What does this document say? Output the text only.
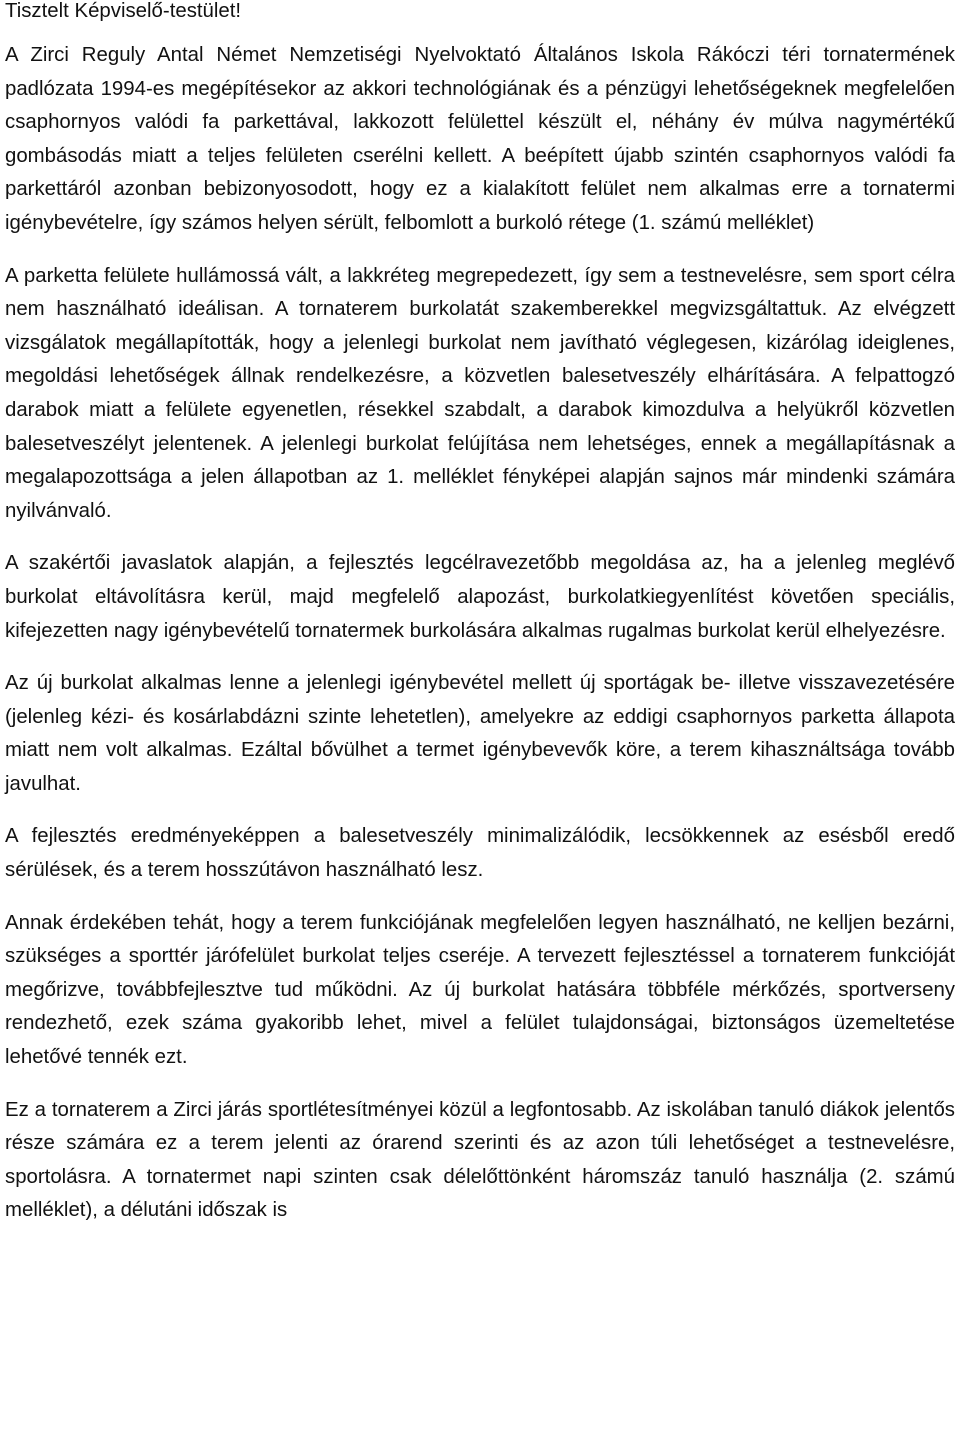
Tisztelt Képviselő-testület!

A Zirci Reguly Antal Német Nemzetiségi Nyelvoktató Általános Iskola Rákóczi téri tornatermének padlózata 1994-es megépítésekor az akkori technológiának és a pénzügyi lehetőségeknek megfelelően csaphornyos valódi fa parkettával, lakkozott felülettel készült el, néhány év múlva nagymértékű gombásodás miatt a teljes felületen cserélni kellett. A beépített újabb szintén csaphornyos valódi fa parkettáról azonban bebizonyosodott, hogy ez a kialakított felület nem alkalmas erre a tornatermi igénybevételre, így számos helyen sérült, felbomlott a burkoló rétege (1. számú melléklet)

A parketta felülete hullámossá vált, a lakkréteg megrepedezett, így sem a testnevelésre, sem sport célra nem használható ideálisan. A tornaterem burkolatát szakemberekkel megvizsgáltattuk. Az elvégzett vizsgálatok megállapították, hogy a jelenlegi burkolat nem javítható véglegesen, kizárólag ideiglenes, megoldási lehetőségek állnak rendelkezésre, a közvetlen balesetveszély elhárítására. A felpattogzó darabok miatt a felülete egyenetlen, résekkel szabdalt, a darabok kimozdulva a helyükről közvetlen balesetveszélyt jelentenek. A jelenlegi burkolat felújítása nem lehetséges, ennek a megállapításnak a megalapozottsága a jelen állapotban az 1. melléklet fényképei alapján sajnos már mindenki számára nyilvánvaló.

A szakértői javaslatok alapján, a fejlesztés legcélravezetőbb megoldása az, ha a jelenleg meglévő burkolat eltávolításra kerül, majd megfelelő alapozást, burkolatkiegyenlítést követően speciális, kifejezetten nagy igénybevételű tornatermek burkolására alkalmas rugalmas burkolat kerül elhelyezésre.

Az új burkolat alkalmas lenne a jelenlegi igénybevétel mellett új sportágak be- illetve visszavezetésére (jelenleg kézi- és kosárlabdázni szinte lehetetlen), amelyekre az eddigi csaphornyos parketta állapota miatt nem volt alkalmas. Ezáltal bővülhet a termet igénybevevők köre, a terem kihasználtsága tovább javulhat.

A fejlesztés eredményeképpen a balesetveszély minimalizálódik, lecsökkennek az esésből eredő sérülések, és a terem hosszútávon használható lesz.

Annak érdekében tehát, hogy a terem funkciójának megfelelően legyen használható, ne kelljen bezárni, szükséges a sporttér járófelület burkolat teljes cseréje. A tervezett fejlesztéssel a tornaterem funkcióját megőrizve, továbbfejlesztve tud működni. Az új burkolat hatására többféle mérkőzés, sportverseny rendezhető, ezek száma gyakoribb lehet, mivel a felület tulajdonságai, biztonságos üzemeltetése lehetővé tennék ezt.

Ez a tornaterem a Zirci járás sportlétesítményei közül a legfontosabb. Az iskolában tanuló diákok jelentős része számára ez a terem jelenti az órarend szerinti és az azon túli lehetőséget a testnevelésre, sportolásra. A tornatermet napi szinten csak délelőttönként háromszáz tanuló használja (2. számú melléklet), a délutáni időszak is
